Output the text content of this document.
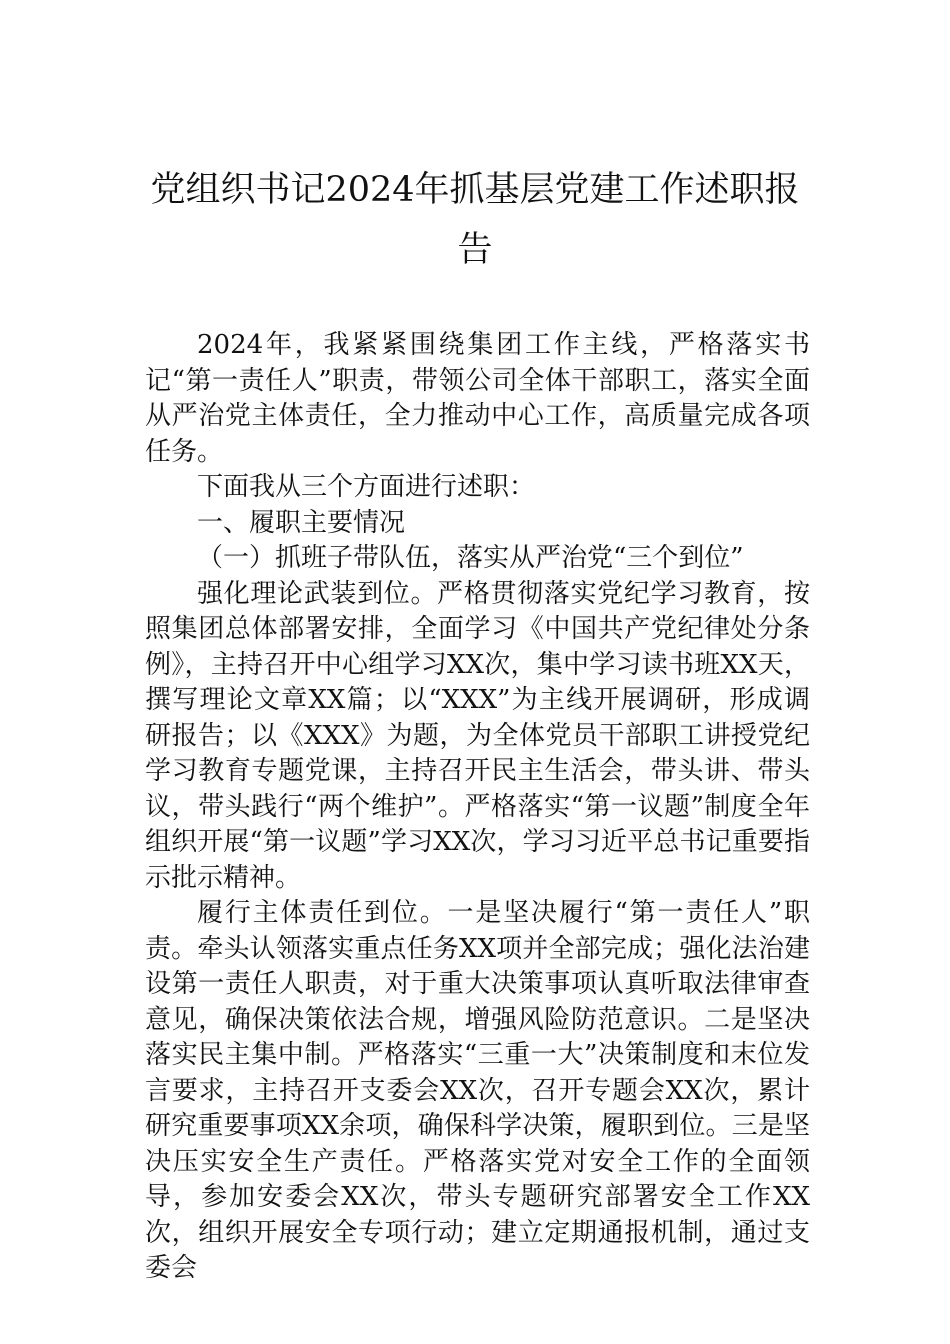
党组织书记2024年抓基层党建工作述职报告

2024年，我紧紧围绕集团工作主线，严格落实书记“第一责任人”职责，带领公司全体干部职工，落实全面从严治党主体责任，全力推动中心工作，高质量完成各项任务。

下面我从三个方面进行述职：

一、履职主要情况

（一）抓班子带队伍，落实从严治党“三个到位”

强化理论武装到位。严格贯彻落实党纪学习教育，按照集团总体部署安排，全面学习《中国共产党纪律处分条例》，主持召开中心组学习XX次，集中学习读书班XX天，撰写理论文章XX篇；以“XXX”为主线开展调研，形成调研报告；以《XXX》为题，为全体党员干部职工讲授党纪学习教育专题党课，主持召开民主生活会，带头讲、带头议，带头践行“两个维护”。严格落实“第一议题”制度全年组织开展“第一议题”学习XX次，学习习近平总书记重要指示批示精神。

履行主体责任到位。一是坚决履行“第一责任人”职责。牵头认领落实重点任务XX项并全部完成；强化法治建设第一责任人职责，对于重大决策事项认真听取法律审查意见，确保决策依法合规，增强风险防范意识。二是坚决落实民主集中制。严格落实“三重一大”决策制度和末位发言要求，主持召开支委会XX次，召开专题会XX次，累计研究重要事项XX余项，确保科学决策，履职到位。三是坚决压实安全生产责任。严格落实党对安全工作的全面领导，参加安委会XX次，带头专题研究部署安全工作XX次，组织开展安全专项行动；建立定期通报机制，通过支委会
